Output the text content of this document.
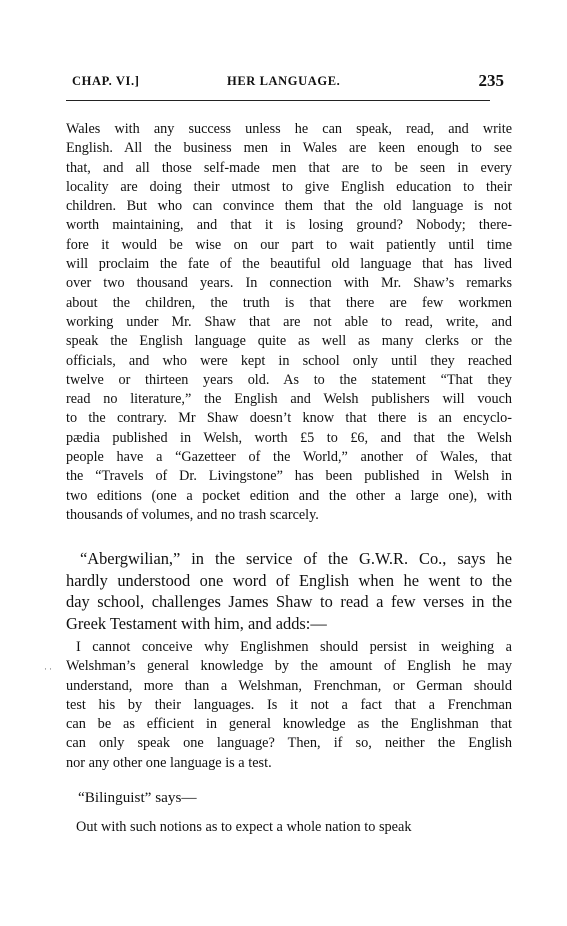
CHAP. VI.]	HER LANGUAGE.	235

Wales with any success unless he can speak, read, and write

English. All the business men in Wales are keen enough to see

that, and all those self-made men that are to be seen in every

locality are doing their utmost to give English education to their

children. But who can convince them that the old language is not

worth maintaining, and that it is losing ground? Nobody; there-

fore it would be wise on our part to wait patiently until time

will proclaim the fate of the beautiful old language that has lived

over two thousand years. In connection with Mr. Shaw’s remarks

about the children, the truth is that there are few workmen

working under Mr. Shaw that are not able to read, write, and

speak the English language quite as well as many clerks or the

officials, and who were kept in school only until they reached

twelve or thirteen years old. As to the statement “That they

read no literature,” the English and Welsh publishers will vouch

to the contrary. Mr Shaw doesn’t know that there is an encyclo-

pædia published in Welsh, worth £5 to £6, and that the Welsh

people have a “Gazetteer of the World,” another of Wales, that

the “Travels of Dr. Livingstone” has been published in Welsh in

two editions (one a pocket edition and the other a large one), with

thousands of volumes, and no trash scarcely.

“Abergwilian,” in the service of the G.W.R. Co., says he

hardly understood one word of English when he went to the

day school, challenges James Shaw to read a few verses in the

Greek Testament with him, and adds:—

··

I cannot conceive why Englishmen should persist in weighing a

Welshman’s general knowledge by the amount of English he may

understand, more than a Welshman, Frenchman, or German should

test his by their languages. Is it not a fact that a Frenchman

can be as efficient in general knowledge as the Englishman that

can only speak one language? Then, if so, neither the English

nor any other one language is a test.

“Bilinguist” says—

Out with such notions as to expect a whole nation to speak
